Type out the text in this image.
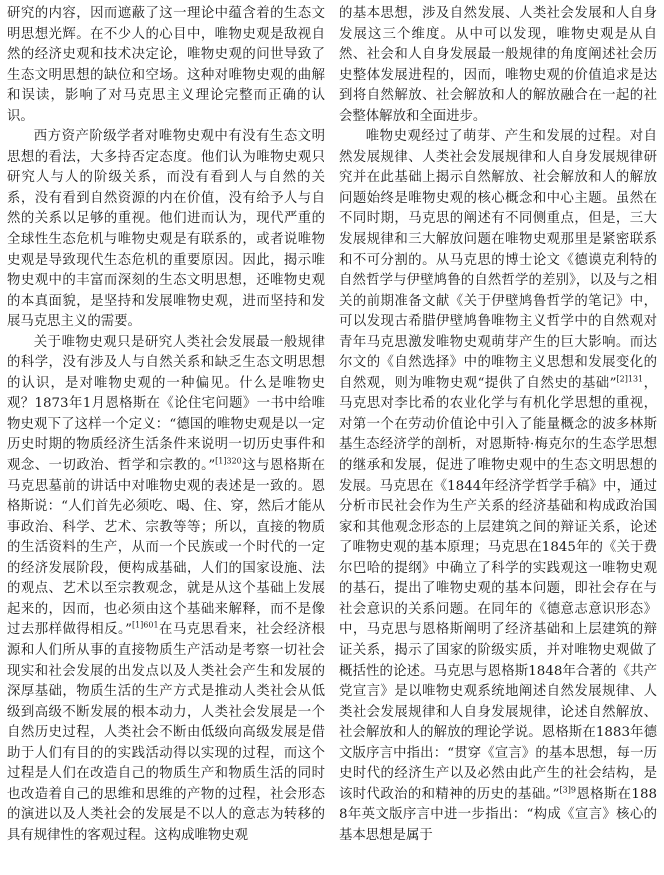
研究的内容，因而遮蔽了这一理论中蕴含着的生态文明思想光辉。在不少人的心目中，唯物史观是敌视自然的经济史观和技术决定论，唯物史观的问世导致了生态文明思想的缺位和空场。这种对唯物史观的曲解和误读，影响了对马克思主义理论完整而正确的认识。

西方资产阶级学者对唯物史观中有没有生态文明思想的看法，大多持否定态度。他们认为唯物史观只研究人与人的阶级关系，而没有看到人与自然的关系，没有看到自然资源的内在价值，没有给予人与自然的关系以足够的重视。他们进而认为，现代严重的全球性生态危机与唯物史观是有联系的，或者说唯物史观是导致现代生态危机的重要原因。因此，揭示唯物史观中的丰富而深刻的生态文明思想，还唯物史观的本真面貌，是坚持和发展唯物史观，进而坚持和发展马克思主义的需要。

关于唯物史观只是研究人类社会发展最一般规律的科学，没有涉及人与自然关系和缺乏生态文明思想的认识，是对唯物史观的一种偏见。什么是唯物史观？1873年1月恩格斯在《论住宅问题》一书中给唯物史观下了这样一个定义：“德国的唯物史观是以一定历史时期的物质经济生活条件来说明一切历史事件和观念、一切政治、哲学和宗教的。”$^{[1]320}$这与恩格斯在马克思墓前的讲话中对唯物史观的表述是一致的。恩格斯说：“人们首先必须吃、喝、住、穿，然后才能从事政治、科学、艺术、宗教等等；所以，直接的物质的生活资料的生产，从而一个民族或一个时代的一定的经济发展阶段，便构成基础，人们的国家设施、法的观点、艺术以至宗教观念，就是从这个基础上发展起来的，因而，也必须由这个基础来解释，而不是像过去那样做得相反。”$^{[1]601}$在马克思看来，社会经济根源和人们所从事的直接物质生产活动是考察一切社会现实和社会发展的出发点以及人类社会产生和发展的深厚基础，物质生活的生产方式是推动人类社会从低级到高级不断发展的根本动力，人类社会发展是一个自然历史过程，人类社会不断由低级向高级发展是借助于人们有目的的实践活动得以实现的过程，而这个过程是人们在改造自己的物质生产和物质生活的同时也改造着自己的思维和思维的产物的过程，社会形态的演进以及人类社会的发展是不以人的意志为转移的具有规律性的客观过程。这构成唯物史观

的基本思想，涉及自然发展、人类社会发展和人自身发展这三个维度。从中可以发现，唯物史观是从自然、社会和人自身发展最一般规律的角度阐述社会历史整体发展进程的，因而，唯物史观的价值追求是达到将自然解放、社会解放和人的解放融合在一起的社会整体解放和全面进步。

唯物史观经过了萌芽、产生和发展的过程。对自然发展规律、人类社会发展规律和人自身发展规律研究并在此基础上揭示自然解放、社会解放和人的解放问题始终是唯物史观的核心概念和中心主题。虽然在不同时期，马克思的阐述有不同侧重点，但是，三大发展规律和三大解放问题在唯物史观那里是紧密联系和不可分割的。从马克思的博士论文《德谟克利特的自然哲学与伊壁鸠鲁的自然哲学的差别》，以及与之相关的前期准备文献《关于伊壁鸠鲁哲学的笔记》中，可以发现古希腊伊壁鸠鲁唯物主义哲学中的自然观对青年马克思激发唯物史观萌芽产生的巨大影响。而达尔文的《自然选择》中的唯物主义思想和发展变化的自然观，则为唯物史观“提供了自然史的基础”$^{[2]131}$，马克思对李比希的农业化学与有机化学思想的重视，对第一个在劳动价值论中引入了能量概念的波多林斯基生态经济学的剖析，对恩斯特·梅克尔的生态学思想的继承和发展，促进了唯物史观中的生态文明思想的发展。马克思在《1844年经济学哲学手稿》中，通过分析市民社会作为生产关系的经济基础和构成政治国家和其他观念形态的上层建筑之间的辩证关系，论述了唯物史观的基本原理；马克思在1845年的《关于费尔巴哈的提纲》中确立了科学的实践观这一唯物史观的基石，提出了唯物史观的基本问题，即社会存在与社会意识的关系问题。在同年的《德意志意识形态》中，马克思与恩格斯阐明了经济基础和上层建筑的辩证关系，揭示了国家的阶级实质，并对唯物史观做了概括性的论述。马克思与恩格斯1848年合著的《共产党宣言》是以唯物史观系统地阐述自然发展规律、人类社会发展规律和人自身发展规律，论述自然解放、社会解放和人的解放的理论学说。恩格斯在1883年德文版序言中指出：“贯穿《宣言》的基本思想，每一历史时代的经济生产以及必然由此产生的社会结构，是该时代政治的和精神的历史的基础。”$^{[3]9}$恩格斯在1888年英文版序言中进一步指出：“构成《宣言》核心的基本思想是属于
